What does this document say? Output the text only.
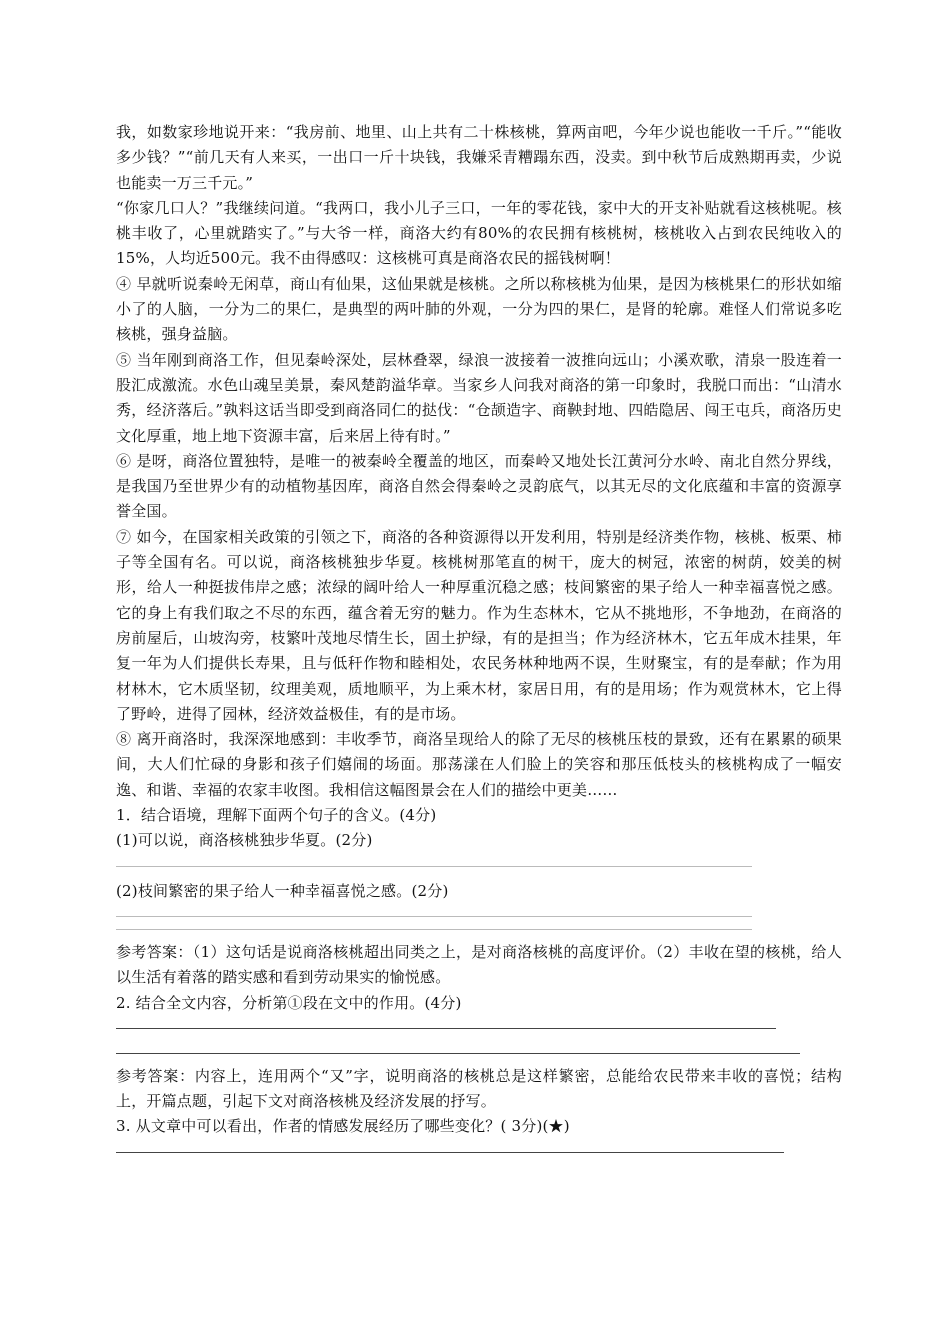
我，如数家珍地说开来：“我房前、地里、山上共有二十株核桃，算两亩吧，今年少说也能收一千斤。”“能收多少钱？”“前几天有人来买，一出口一斤十块钱，我嫌采青糟蹋东西，没卖。到中秋节后成熟期再卖，少说也能卖一万三千元。”

“你家几口人？”我继续问道。“我两口，我小儿子三口，一年的零花钱，家中大的开支补贴就看这核桃呢。核桃丰收了，心里就踏实了。”与大爷一样，商洛大约有80%的农民拥有核桃树，核桃收入占到农民纯收入的15%，人均近500元。我不由得感叹：这核桃可真是商洛农民的摇钱树啊！

④ 早就听说秦岭无闲草，商山有仙果，这仙果就是核桃。之所以称核桃为仙果，是因为核桃果仁的形状如缩小了的人脑，一分为二的果仁，是典型的两叶肺的外观，一分为四的果仁，是肾的轮廓。难怪人们常说多吃核桃，强身益脑。

⑤ 当年刚到商洛工作，但见秦岭深处，层林叠翠，绿浪一波接着一波推向远山；小溪欢歌，清泉一股连着一股汇成激流。水色山魂呈美景，秦风楚韵溢华章。当家乡人问我对商洛的第一印象时，我脱口而出：“山清水秀，经济落后。”孰料这话当即受到商洛同仁的挞伐：“仓颉造字、商鞅封地、四皓隐居、闯王屯兵，商洛历史文化厚重，地上地下资源丰富，后来居上待有时。”

⑥ 是呀，商洛位置独特，是唯一的被秦岭全覆盖的地区，而秦岭又地处长江黄河分水岭、南北自然分界线，是我国乃至世界少有的动植物基因库，商洛自然会得秦岭之灵韵底气，以其无尽的文化底蕴和丰富的资源享誉全国。

⑦ 如今，在国家相关政策的引领之下，商洛的各种资源得以开发利用，特别是经济类作物，核桃、板栗、柿子等全国有名。可以说，商洛核桃独步华夏。核桃树那笔直的树干，庞大的树冠，浓密的树荫，姣美的树形，给人一种挺拔伟岸之感；浓绿的阔叶给人一种厚重沉稳之感；枝间繁密的果子给人一种幸福喜悦之感。它的身上有我们取之不尽的东西，蕴含着无穷的魅力。作为生态林木，它从不挑地形，不争地劲，在商洛的房前屋后，山坡沟旁，枝繁叶茂地尽情生长，固土护绿，有的是担当；作为经济林木，它五年成木挂果，年复一年为人们提供长寿果，且与低秆作物和睦相处，农民务林种地两不误，生财聚宝，有的是奉献；作为用材林木，它木质坚韧，纹理美观，质地顺平，为上乘木材，家居日用，有的是用场；作为观赏林木，它上得了野岭，进得了园林，经济效益极佳，有的是市场。

⑧ 离开商洛时，我深深地感到：丰收季节，商洛呈现给人的除了无尽的核桃压枝的景致，还有在累累的硕果间，大人们忙碌的身影和孩子们嬉闹的场面。那荡漾在人们脸上的笑容和那压低枝头的核桃构成了一幅安逸、和谐、幸福的农家丰收图。我相信这幅图景会在人们的描绘中更美……

1．结合语境，理解下面两个句子的含义。(4分)

(1)可以说，商洛核桃独步华夏。(2分)

(2)枝间繁密的果子给人一种幸福喜悦之感。(2分)

参考答案：（1）这句话是说商洛核桃超出同类之上，是对商洛核桃的高度评价。（2）丰收在望的核桃，给人以生活有着落的踏实感和看到劳动果实的愉悦感。

2. 结合全文内容，分析第①段在文中的作用。(4分)

参考答案：内容上，连用两个“又”字，说明商洛的核桃总是这样繁密，总能给农民带来丰收的喜悦；结构上，开篇点题，引起下文对商洛核桃及经济发展的抒写。

3. 从文章中可以看出，作者的情感发展经历了哪些变化？( 3分)(★)
